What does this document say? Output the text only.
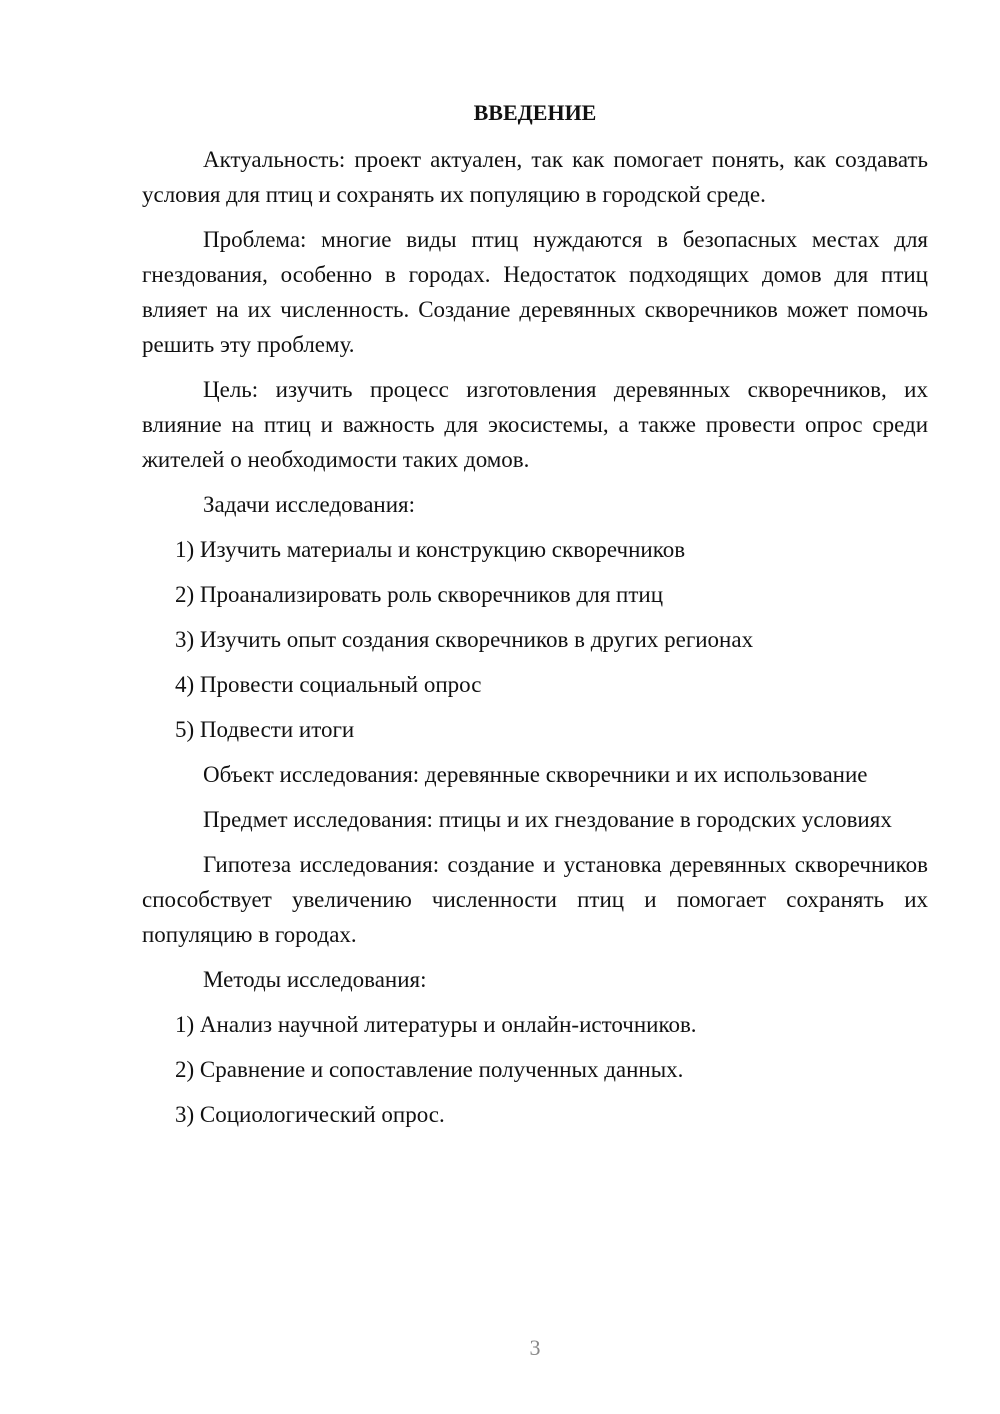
ВВЕДЕНИЕ

Актуальность: проект актуален, так как помогает понять, как создавать условия для птиц и сохранять их популяцию в городской среде.

Проблема: многие виды птиц нуждаются в безопасных местах для гнездования, особенно в городах. Недостаток подходящих домов для птиц влияет на их численность. Создание деревянных скворечников может помочь решить эту проблему.

Цель: изучить процесс изготовления деревянных скворечников, их влияние на птиц и важность для экосистемы, а также провести опрос среди жителей о необходимости таких домов.

Задачи исследования:

1) Изучить материалы и конструкцию скворечников
2) Проанализировать роль скворечников для птиц
3) Изучить опыт создания скворечников в других регионах
4) Провести социальный опрос
5) Подвести итоги

Объект исследования: деревянные скворечники и их использование

Предмет исследования: птицы и их гнездование в городских условиях

Гипотеза исследования: создание и установка деревянных скворечников способствует увеличению численности птиц и помогает сохранять их популяцию в городах.

Методы исследования:

1) Анализ научной литературы и онлайн-источников.
2) Сравнение и сопоставление полученных данных.
3) Социологический опрос.
3
